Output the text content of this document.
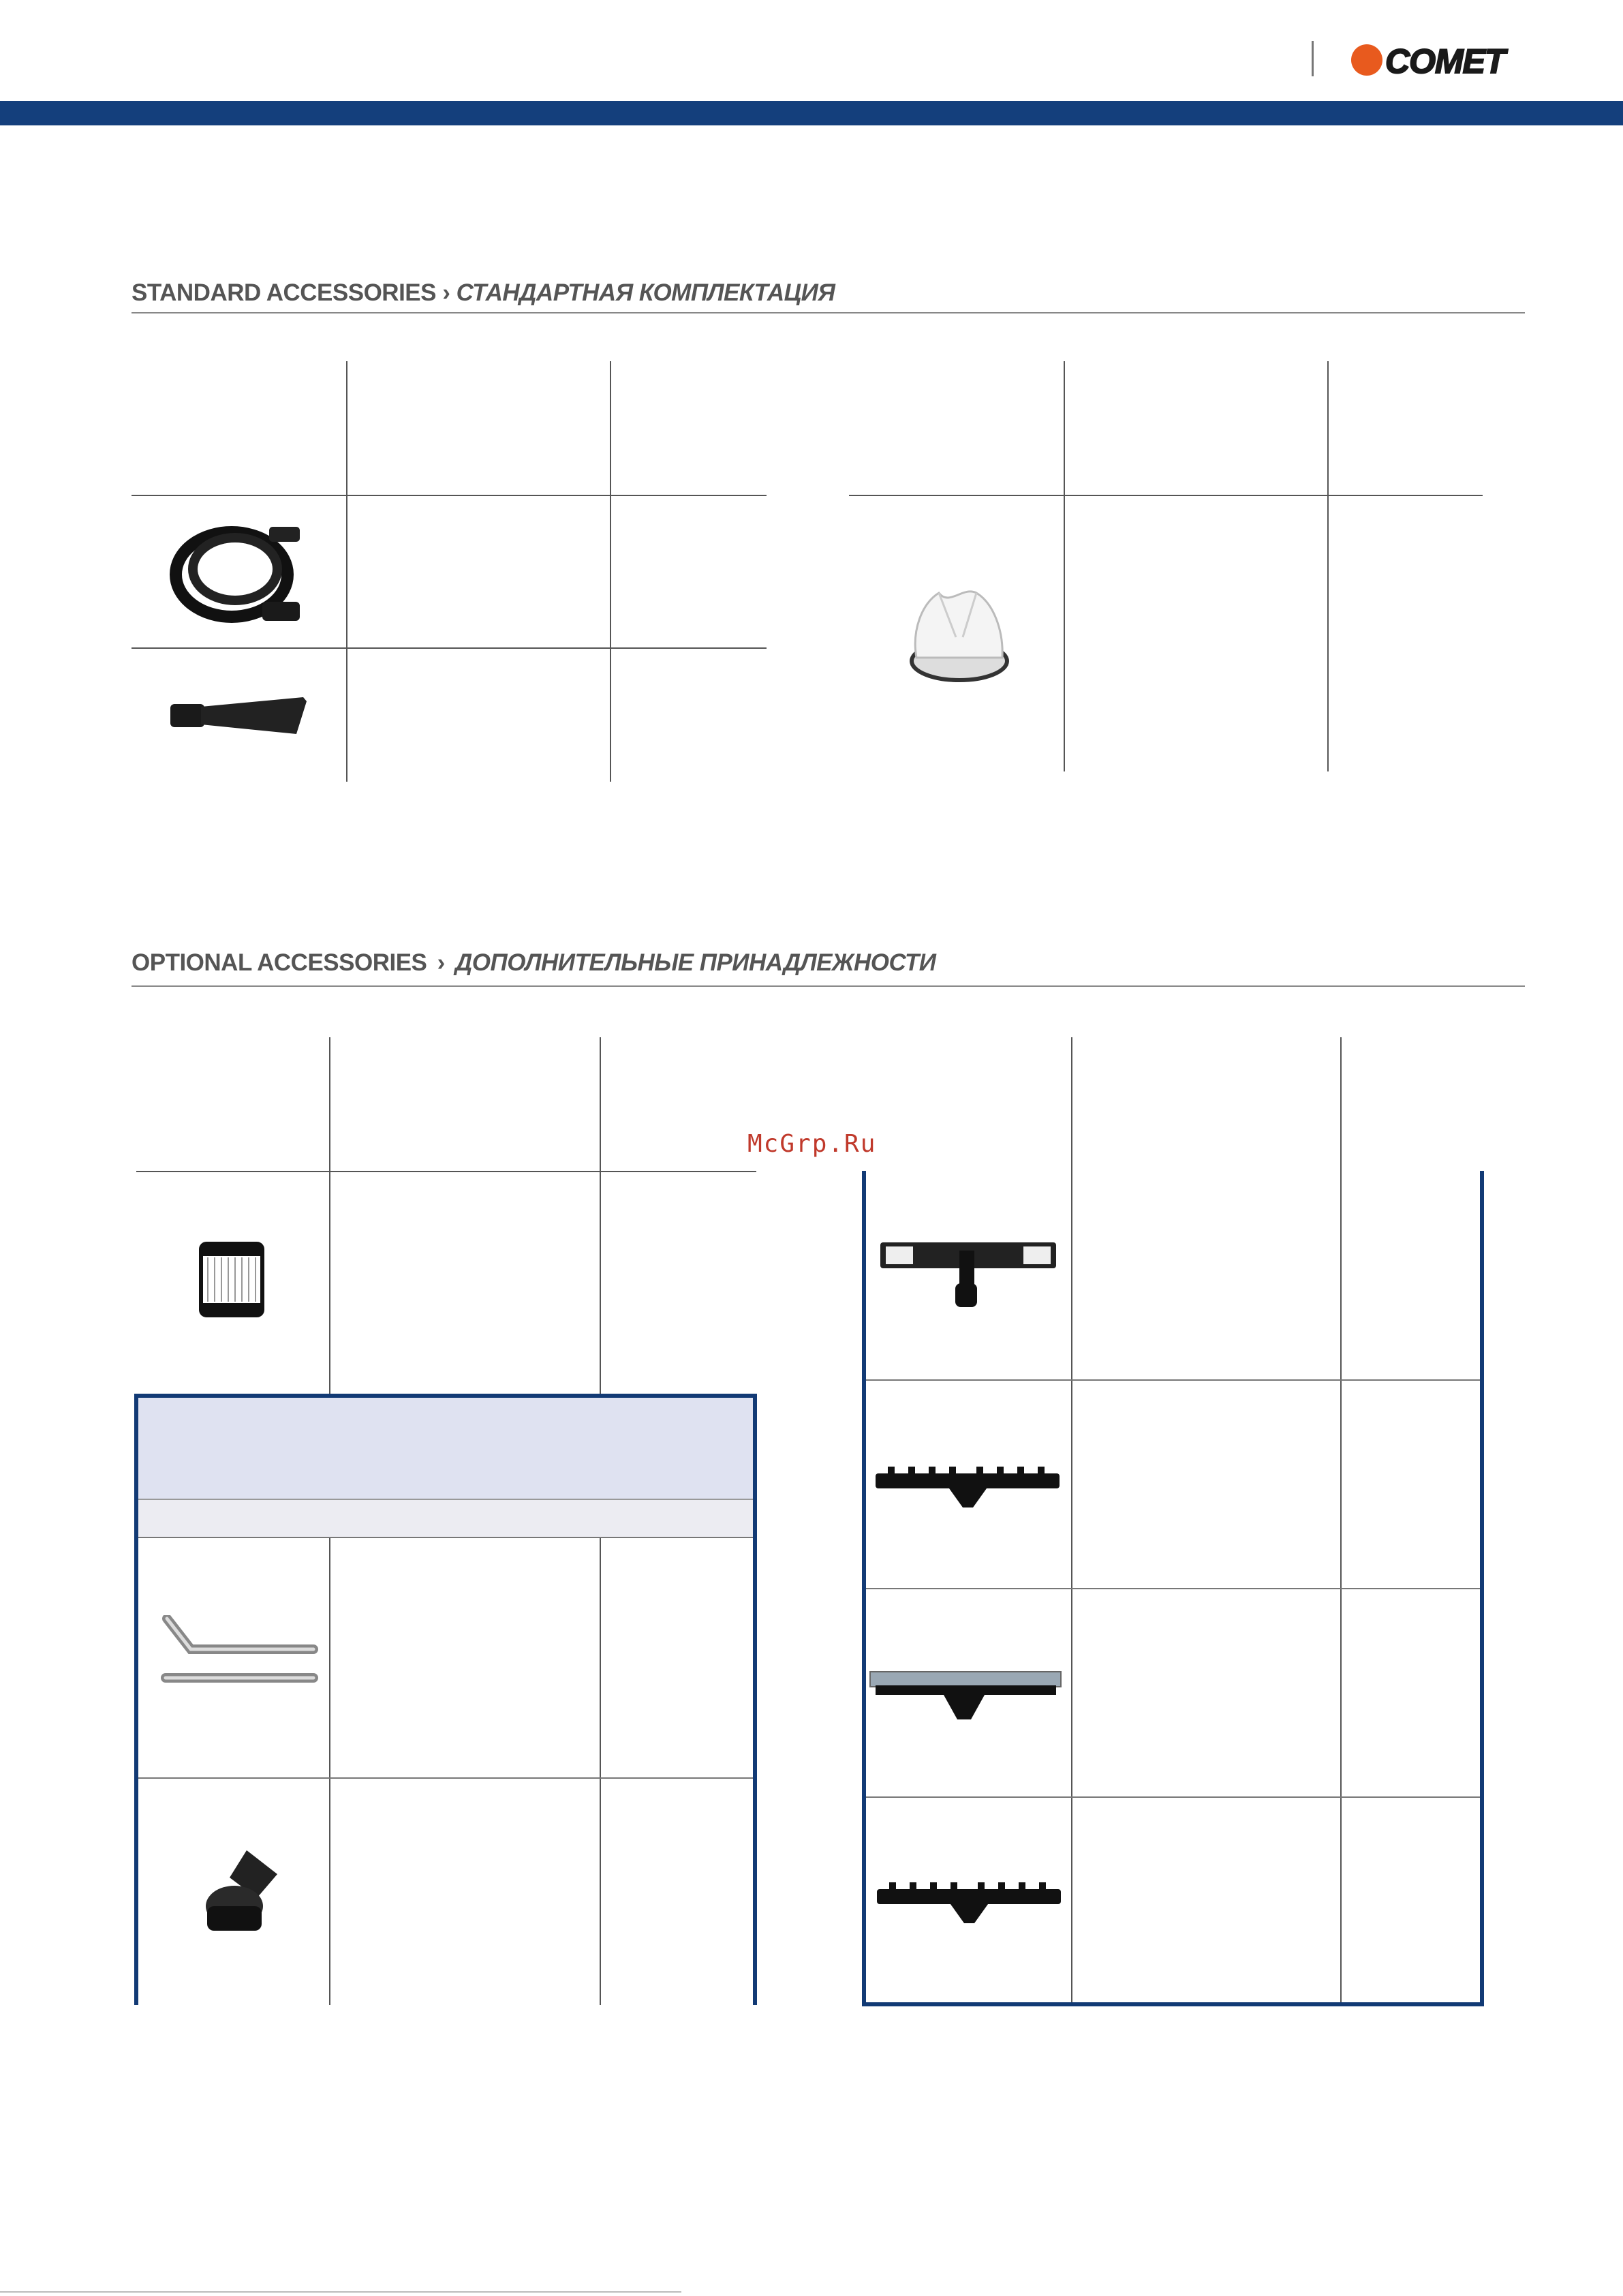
COMET
STANDARD ACCESSORIES › СТАНДАРТНАЯ КОМПЛЕКТАЦИЯ
OPTIONAL ACCESSORIES › ДОПОЛНИТЕЛЬНЫЕ ПРИНАДЛЕЖНОСТИ
McGrp.Ru
